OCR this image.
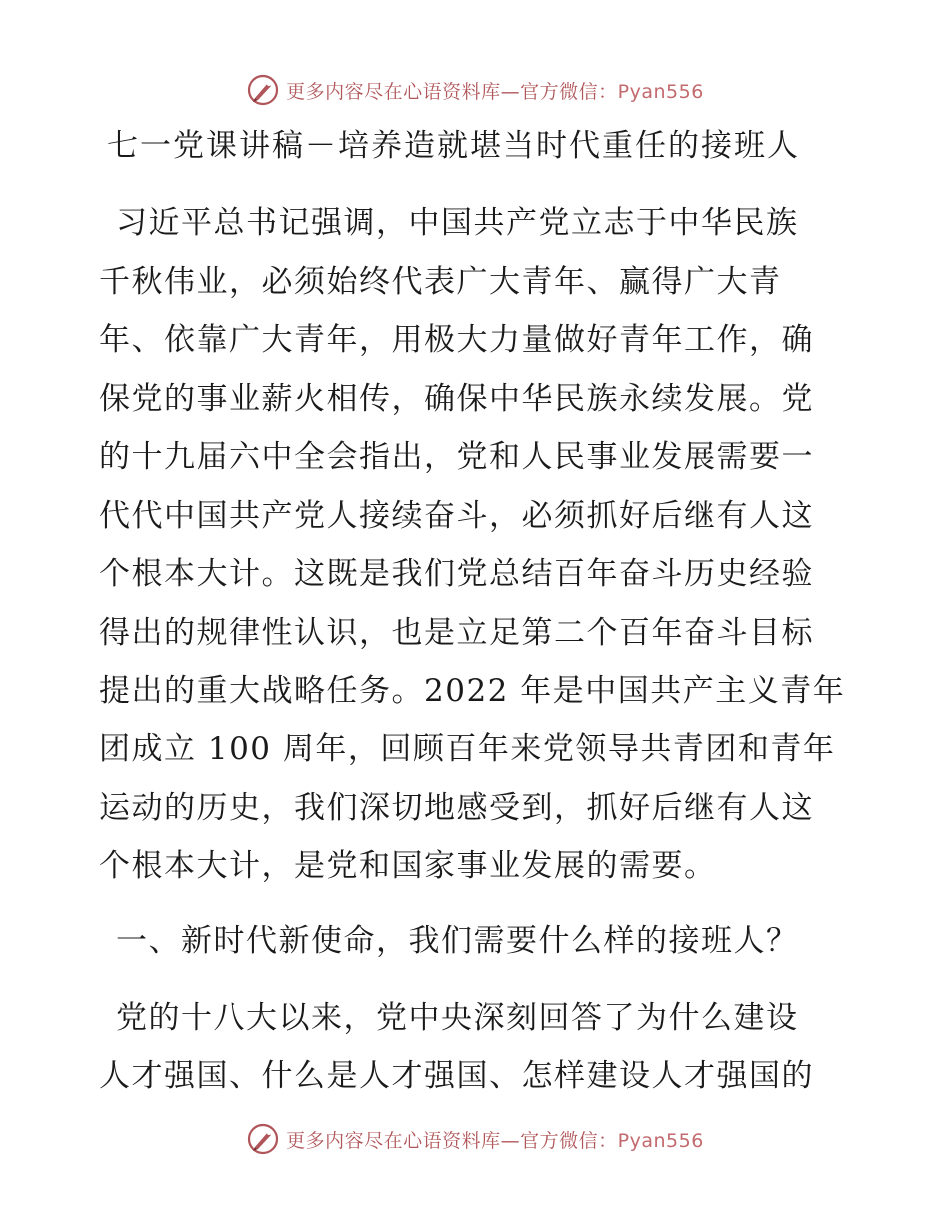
更多内容尽在心语资料库—官方微信：Pyan556
七一党课讲稿－培养造就堪当时代重任的接班人
习近平总书记强调，中国共产党立志于中华民族
千秋伟业，必须始终代表广大青年、赢得广大青
年、依靠广大青年，用极大力量做好青年工作，确
保党的事业薪火相传，确保中华民族永续发展。党
的十九届六中全会指出，党和人民事业发展需要一
代代中国共产党人接续奋斗，必须抓好后继有人这
个根本大计。这既是我们党总结百年奋斗历史经验
得出的规律性认识，也是立足第二个百年奋斗目标
提出的重大战略任务。2022 年是中国共产主义青年
团成立 100 周年，回顾百年来党领导共青团和青年
运动的历史，我们深切地感受到，抓好后继有人这
个根本大计，是党和国家事业发展的需要。
一、新时代新使命，我们需要什么样的接班人？
党的十八大以来，党中央深刻回答了为什么建设
人才强国、什么是人才强国、怎样建设人才强国的
更多内容尽在心语资料库—官方微信：Pyan556
